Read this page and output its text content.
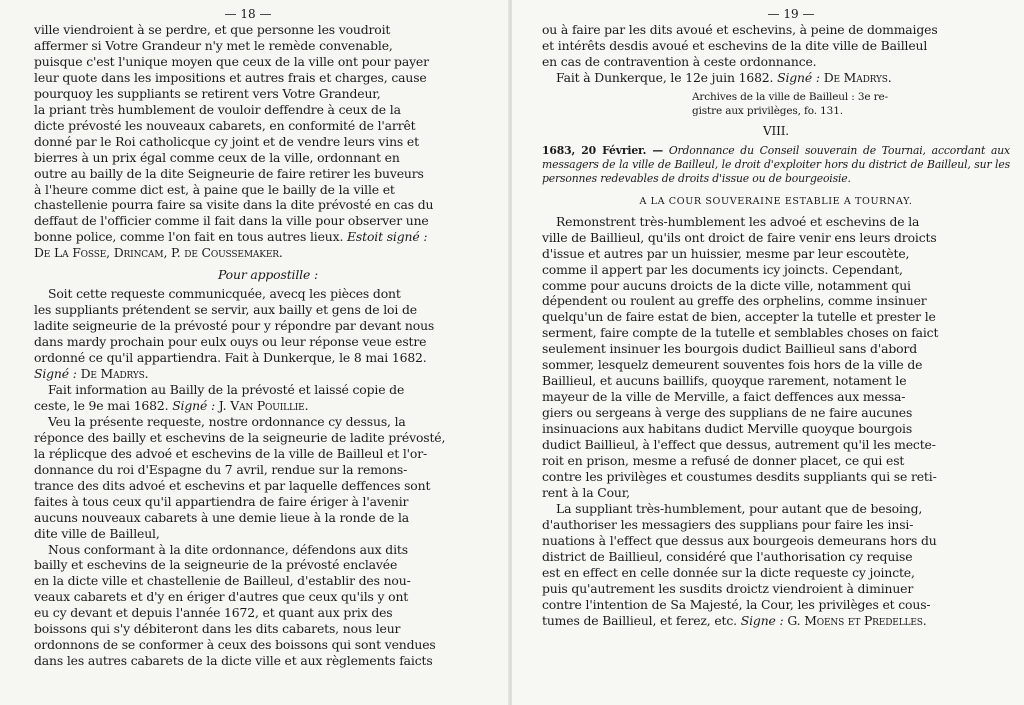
— 18 —
ville viendroient à se perdre, et que personne les voudroit
affermer si Votre Grandeur n'y met le remède convenable,
puisque c'est l'unique moyen que ceux de la ville ont pour payer
leur quote dans les impositions et autres frais et charges, cause
pourquoy les suppliants se retirent vers Votre Grandeur,
la priant très humblement de vouloir deffendre à ceux de la
dicte prévosté les nouveaux cabarets, en conformité de l'arrêt
donné par le Roi catholicque cy joint et de vendre leurs vins et
bierres à un prix égal comme ceux de la ville, ordonnant en
outre au bailly de la dite Seigneurie de faire retirer les buveurs
à l'heure comme dict est, à paine que le bailly de la ville et
chastellenie pourra faire sa visite dans la dite prévosté en cas du
deffaut de l'officier comme il fait dans la ville pour observer une
bonne police, comme l'on fait en tous autres lieux. Estoit signé :
De La Fosse, Drincam, P. de Coussemaker.
Pour appostille :
Soit cette requeste communicquée, avecq les pièces dont
les suppliants prétendent se servir, aux bailly et gens de loi de
ladite seigneurie de la prévosté pour y répondre par devant nous
dans mardy prochain pour eulx ouys ou leur réponse veue estre
ordonné ce qu'il appartiendra. Fait à Dunkerque, le 8 mai 1682.
Signé : De Madrys.
Fait information au Bailly de la prévosté et laissé copie de
ceste, le 9e mai 1682. Signé : J. Van Pouillie.
Veu la présente requeste, nostre ordonnance cy dessus, la
réponce des bailly et eschevins de la seigneurie de ladite prévosté,
la réplicque des advoé et eschevins de la ville de Bailleul et l'or-
donnance du roi d'Espagne du 7 avril, rendue sur la remons-
trance des dits advoé et eschevins et par laquelle deffences sont
faites à tous ceux qu'il appartiendra de faire ériger à l'avenir
aucuns nouveaux cabarets à une demie lieue à la ronde de la
dite ville de Bailleul,
Nous conformant à la dite ordonnance, défendons aux dits
bailly et eschevins de la seigneurie de la prévosté enclavée
en la dicte ville et chastellenie de Bailleul, d'establir des nou-
veaux cabarets et d'y en ériger d'autres que ceux qu'ils y ont
eu cy devant et depuis l'année 1672, et quant aux prix des
boissons qui s'y débiteront dans les dits cabarets, nous leur
ordonnons de se conformer à ceux des boissons qui sont vendues
dans les autres cabarets de la dicte ville et aux règlements faicts
— 19 —
ou à faire par les dits avoué et eschevins, à peine de dommaiges
et intérêts desdis avoué et eschevins de la dite ville de Bailleul
en cas de contravention à ceste ordonnance.
Fait à Dunkerque, le 12e juin 1682. Signé : De Madrys.
Archives de la ville de Bailleul : 3e re-
gistre aux privilèges, fo. 131.
VIII.
1683, 20 Février. — Ordonnance du Conseil souverain de Tournai, accordant aux messagers de la ville de Bailleul, le droit d'exploiter hors du district de Bailleul, sur les personnes redevables de droits d'issue ou de bourgeoisie.
A LA COUR SOUVERAINE ESTABLIE A TOURNAY.
Remonstrent très-humblement les advoé et eschevins de la
ville de Baillieul, qu'ils ont droict de faire venir ens leurs droicts
d'issue et autres par un huissier, mesme par leur escoutète,
comme il appert par les documents icy joincts. Cependant,
comme pour aucuns droicts de la dicte ville, notamment qui
dépendent ou roulent au greffe des orphelins, comme insinuer
quelqu'un de faire estat de bien, accepter la tutelle et prester le
serment, faire compte de la tutelle et semblables choses on faict
seulement insinuer les bourgois dudict Baillieul sans d'abord
sommer, lesquelz demeurent souventes fois hors de la ville de
Baillieul, et aucuns baillifs, quoyque rarement, notament le
mayeur de la ville de Merville, a faict deffences aux messa-
giers ou sergeans à verge des supplians de ne faire aucunes
insinuacions aux habitans dudict Merville quoyque bourgois
dudict Baillieul, à l'effect que dessus, autrement qu'il les mecte-
roit en prison, mesme a refusé de donner placet, ce qui est
contre les privilèges et coustumes desdits suppliants qui se reti-
rent à la Cour,
La suppliant très-humblement, pour autant que de besoing,
d'authoriser les messagiers des supplians pour faire les insi-
nuations à l'effect que dessus aux bourgeois demeurans hors du
district de Baillieul, considéré que l'authorisation cy requise
est en effect en celle donnée sur la dicte requeste cy joincte,
puis qu'autrement les susdits droictz viendroient à diminuer
contre l'intention de Sa Majesté, la Cour, les privilèges et cous-
tumes de Baillieul, et ferez, etc. Signe : G. Moens et Predelles.
